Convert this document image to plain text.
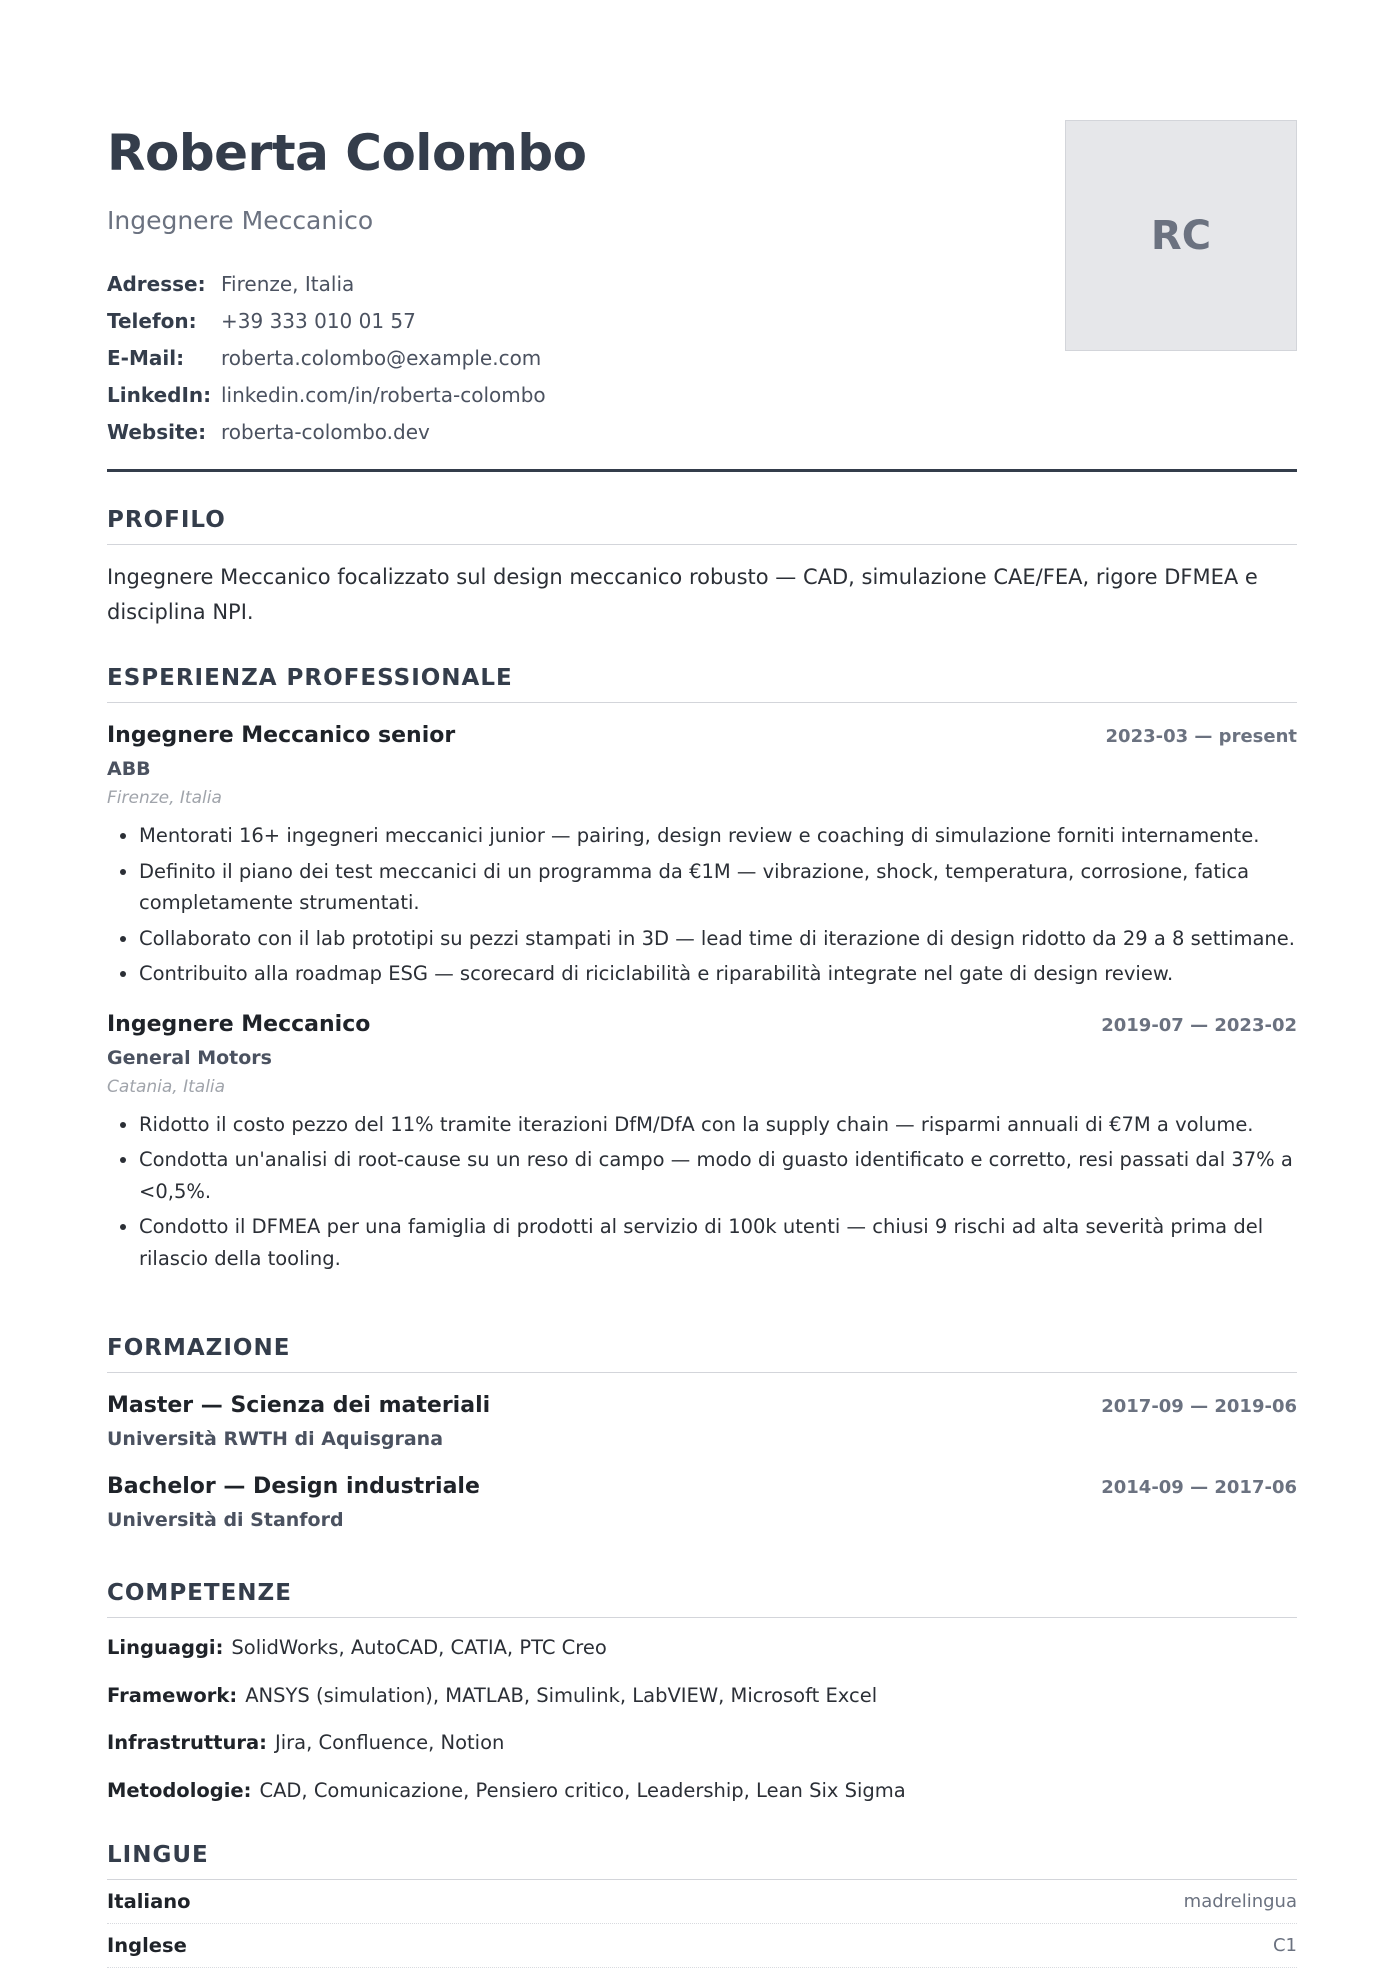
Roberta Colombo
Ingegnere Meccanico
Adresse: Firenze, Italia
Telefon:	+39 333 010 01 57
E-Mail:	roberta.colombo@example.com
LinkedIn: linkedin.com/in/roberta-colombo
Website: roberta-colombo.dev
RC
PROFILO
Ingegnere Meccanico focalizzato sul design meccanico robusto — CAD, simulazione CAE/FEA, rigore DFMEA e disciplina NPI.
ESPERIENZA PROFESSIONALE
Ingegnere Meccanico senior	2023-03 — present
ABB
Firenze, Italia
• Mentorati 16+ ingegneri meccanici junior — pairing, design review e coaching di simulazione forniti internamente.
• Definito il piano dei test meccanici di un programma da €1M — vibrazione, shock, temperatura, corrosione, fatica completamente strumentati.
• Collaborato con il lab prototipi su pezzi stampati in 3D — lead time di iterazione di design ridotto da 29 a 8 settimane.
• Contribuito alla roadmap ESG — scorecard di riciclabilità e riparabilità integrate nel gate di design review.
Ingegnere Meccanico	2019-07 — 2023-02
General Motors
Catania, Italia
• Ridotto il costo pezzo del 11% tramite iterazioni DfM/DfA con la supply chain — risparmi annuali di €7M a volume.
• Condotta un'analisi di root-cause su un reso di campo — modo di guasto identificato e corretto, resi passati dal 37% a <0,5%.
• Condotto il DFMEA per una famiglia di prodotti al servizio di 100k utenti — chiusi 9 rischi ad alta severità prima del rilascio della tooling.
FORMAZIONE
Master — Scienza dei materiali	2017-09 — 2019-06
Università RWTH di Aquisgrana
Bachelor — Design industriale	2014-09 — 2017-06
Università di Stanford
COMPETENZE
Linguaggi: SolidWorks, AutoCAD, CATIA, PTC Creo
Framework: ANSYS (simulation), MATLAB, Simulink, LabVIEW, Microsoft Excel
Infrastruttura: Jira, Confluence, Notion
Metodologie: CAD, Comunicazione, Pensiero critico, Leadership, Lean Six Sigma
LINGUE
Italiano	madrelingua
Inglese	C1
